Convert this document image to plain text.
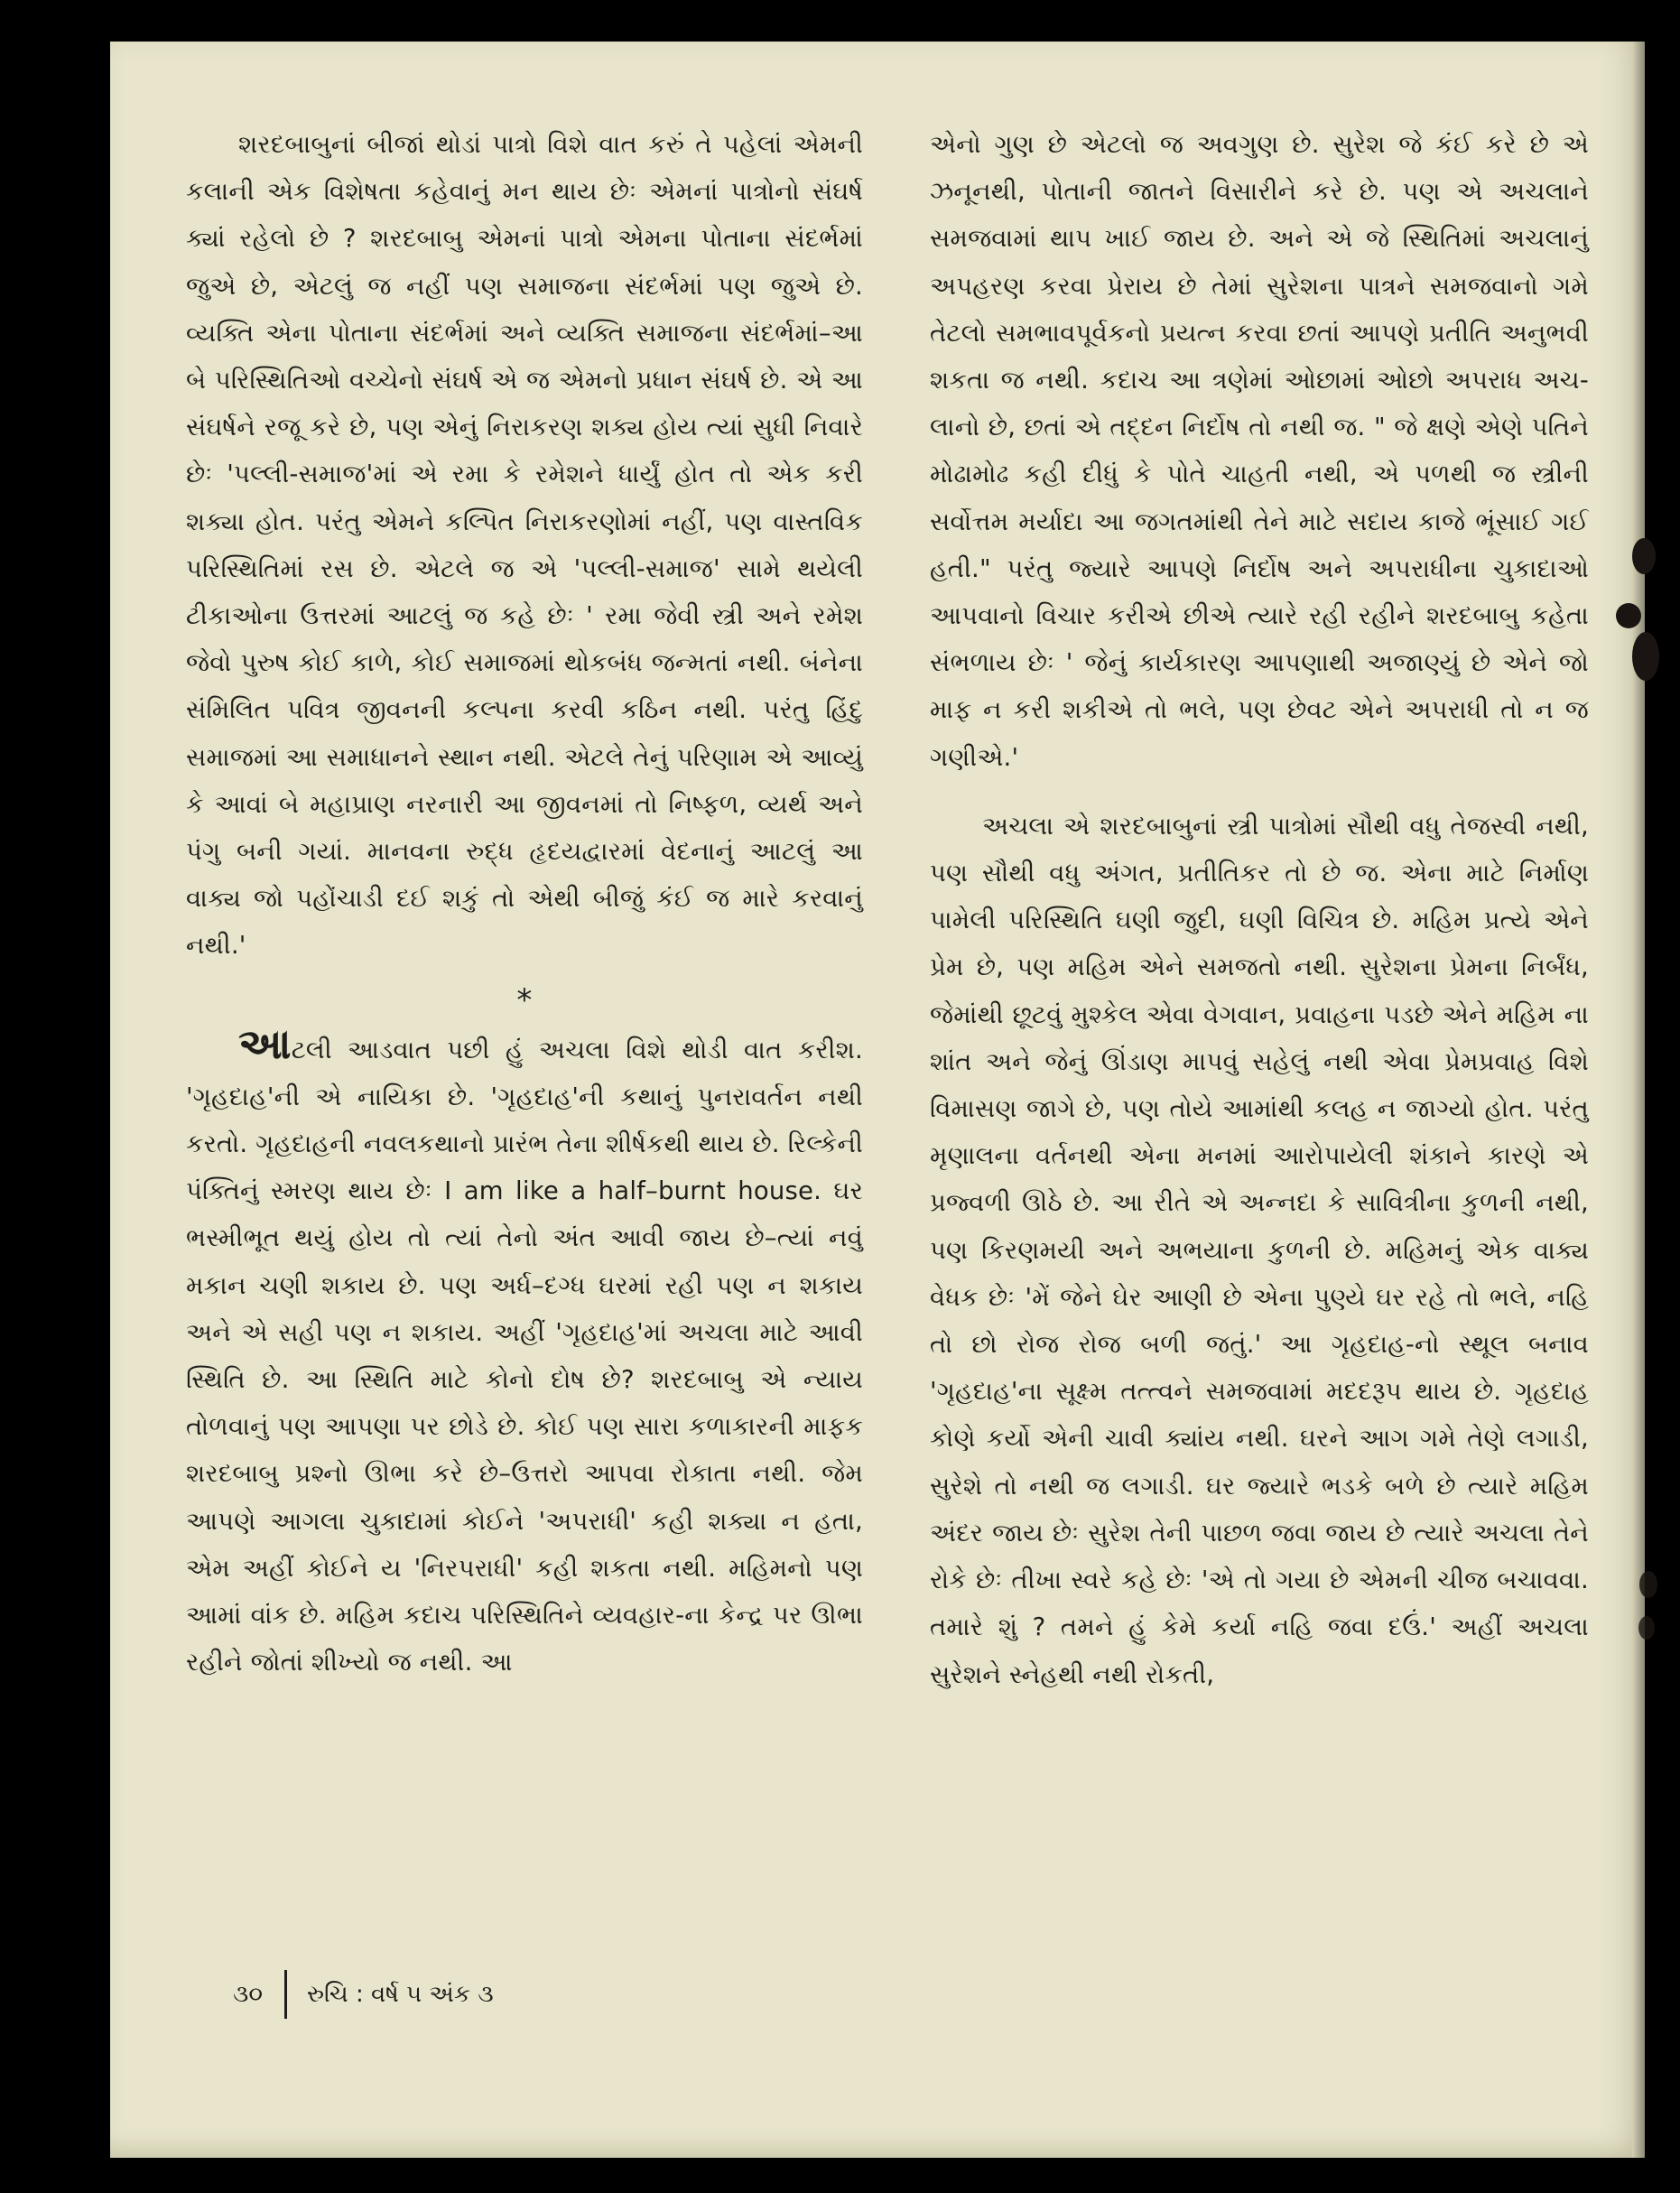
શરદબાબુનાં બીજાં થોડાં પાત્રો વિશે વાત કરું તે પહેલાં એમની કલાની એક વિશેષતા કહેવાનું મન થાય છેઃ એમનાં પાત્રોનો સંઘર્ષ ક્યાં રહેલો છે ? શરદબાબુ એમનાં પાત્રો એમના પોતાના સંદર્ભમાં જુએ છે, એટલું જ નહીં પણ સમાજના સંદર્ભમાં પણ જુએ છે. વ્યક્તિ એના પોતાના સંદર્ભમાં અને વ્યક્તિ સમાજના સંદર્ભમાં–આ બે પરિસ્થિતિઓ વચ્ચેનો સંઘર્ષ એ જ એમનો પ્રધાન સંઘર્ષ છે. એ આ સંઘર્ષને રજૂ કરે છે, પણ એનું નિરાકરણ શક્ય હોય ત્યાં સુધી નિવારે છેઃ 'પલ્લી-સમાજ'માં એ રમા કે રમેશને ધાર્યું હોત તો એક કરી શક્યા હોત. પરંતુ એમને કલ્પિત નિરાકરણોમાં નહીં, પણ વાસ્તવિક પરિસ્થિતિમાં રસ છે. એટલે જ એ 'પલ્લી-સમાજ' સામે થયેલી ટીકાઓના ઉત્તરમાં આટલું જ કહે છેઃ ' રમા જેવી સ્ત્રી અને રમેશ જેવો પુરુષ કોઈ કાળે, કોઈ સમાજમાં થોકબંધ જન્મતાં નથી. બંનેના સંમિલિત પવિત્ર જીવનની કલ્પના કરવી કઠિન નથી. પરંતુ હિંદુ સમાજમાં આ સમાધાનને સ્થાન નથી. એટલે તેનું પરિણામ એ આવ્યું કે આવાં બે મહાપ્રાણ નરનારી આ જીવનમાં તો નિષ્ફળ, વ્યર્થ અને પંગુ બની ગયાં. માનવના રુદ્ધ હૃદયદ્વારમાં વેદનાનું આટલું આ વાક્ય જો પહોંચાડી દઈ શકું તો એથી બીજું કંઈ જ મારે કરવાનું નથી.'

*

આટલી આડવાત પછી હું અચલા વિશે થોડી વાત કરીશ. 'ગૃહદાહ'ની એ નાયિકા છે. 'ગૃહદાહ'ની કથાનું પુનરાવર્તન નથી કરતો. ગૃહદાહની નવલકથાનો પ્રારંભ તેના શીર્ષકથી થાય છે. રિલ્કેની પંક્તિનું સ્મરણ થાય છેઃ I am like a half–burnt house. ઘર ભસ્મીભૂત થયું હોય તો ત્યાં તેનો અંત આવી જાય છે–ત્યાં નવું મકાન ચણી શકાય છે. પણ અર્ધ–દગ્ધ ઘરમાં રહી પણ ન શકાય અને એ સહી પણ ન શકાય. અહીં 'ગૃહદાહ'માં અચલા માટે આવી સ્થિતિ છે. આ સ્થિતિ માટે કોનો દોષ છે? શરદબાબુ એ ન્યાય તોળવાનું પણ આપણા પર છોડે છે. કોઈ પણ સારા કળાકારની માફક શરદબાબુ પ્રશ્નો ઊભા કરે છે–ઉત્તરો આપવા રોકાતા નથી. જેમ આપણે આગલા ચુકાદામાં કોઈને 'અપરાધી' કહી શક્યા ન હતા, એમ અહીં કોઈને ય 'નિરપરાધી' કહી શકતા નથી. મહિમનો પણ આમાં વાંક છે. મહિમ કદાચ પરિસ્થિતિને વ્યવહાર-ના કેન્દ્ર પર ઊભા રહીને જોતાં શીખ્યો જ નથી. આ

એનો ગુણ છે એટલો જ અવગુણ છે. સુરેશ જે કંઈ કરે છે એ ઝનૂનથી, પોતાની જાતને વિસારીને કરે છે. પણ એ અચલાને સમજવામાં થાપ ખાઈ જાય છે. અને એ જે સ્થિતિમાં અચલાનું અપહરણ કરવા પ્રેરાય છે તેમાં સુરેશના પાત્રને સમજવાનો ગમે તેટલો સમભાવપૂર્વકનો પ્રયત્ન કરવા છતાં આપણે પ્રતીતિ અનુભવી શકતા જ નથી. કદાચ આ ત્રણેમાં ઓછામાં ઓછો અપરાધ અચ-લાનો છે, છતાં એ તદ્દન નિર્દોષ તો નથી જ. " જે ક્ષણે એણે પતિને મોઢામોઢ કહી દીધું કે પોતે ચાહતી નથી, એ પળથી જ સ્ત્રીની સર્વોત્તમ મર્યાદા આ જગતમાંથી તેને માટે સદાય કાજે ભૂંસાઈ ગઈ હતી." પરંતુ જ્યારે આપણે નિર્દોષ અને અપરાધીના ચુકાદાઓ આપવાનો વિચાર કરીએ છીએ ત્યારે રહી રહીને શરદબાબુ કહેતા સંભળાય છેઃ ' જેનું કાર્યકારણ આપણાથી અજાણ્યું છે એને જો માફ ન કરી શકીએ તો ભલે, પણ છેવટ એને અપરાધી તો ન જ ગણીએ.'

અચલા એ શરદબાબુનાં સ્ત્રી પાત્રોમાં સૌથી વધુ તેજસ્વી નથી, પણ સૌથી વધુ અંગત, પ્રતીતિકર તો છે જ. એના માટે નિર્માણ પામેલી પરિસ્થિતિ ઘણી જુદી, ઘણી વિચિત્ર છે. મહિમ પ્રત્યે એને પ્રેમ છે, પણ મહિમ એને સમજતો નથી. સુરેશના પ્રેમના નિર્બંધ, જેમાંથી છૂટવું મુશ્કેલ એવા વેગવાન, પ્રવાહના પડછે એને મહિમ ના શાંત અને જેનું ઊંડાણ માપવું સહેલું નથી એવા પ્રેમપ્રવાહ વિશે વિમાસણ જાગે છે, પણ તોયે આમાંથી કલહ ન જાગ્યો હોત. પરંતુ મૃણાલના વર્તનથી એના મનમાં આરોપાયેલી શંકાને કારણે એ પ્રજ્વળી ઊઠે છે. આ રીતે એ અન્નદા કે સાવિત્રીના કુળની નથી, પણ કિરણમયી અને અભયાના કુળની છે. મહિમનું એક વાક્ય વેધક છેઃ 'મેં જેને ઘેર આણી છે એના પુણ્યે ઘર રહે તો ભલે, નહિ તો છો રોજ રોજ બળી જતું.' આ ગૃહદાહ-નો સ્થૂલ બનાવ 'ગૃહદાહ'ના સૂક્ષ્મ તત્ત્વને સમજવામાં મદદરૂપ થાય છે. ગૃહદાહ કોણે કર્યો એની ચાવી ક્યાંય નથી. ઘરને આગ ગમે તેણે લગાડી, સુરેશે તો નથી જ લગાડી. ઘર જ્યારે ભડકે બળે છે ત્યારે મહિમ અંદર જાય છેઃ સુરેશ તેની પાછળ જવા જાય છે ત્યારે અચલા તેને રોકે છેઃ તીખા સ્વરે કહે છેઃ 'એ તો ગયા છે એમની ચીજ બચાવવા. તમારે શું ? તમને હું કેમે કર્યા નહિ જવા દઉં.' અહીં અચલા સુરેશને સ્નેહથી નથી રોકતી,

૩૦ રુચિ : વર્ષ ૫ અંક ૩
